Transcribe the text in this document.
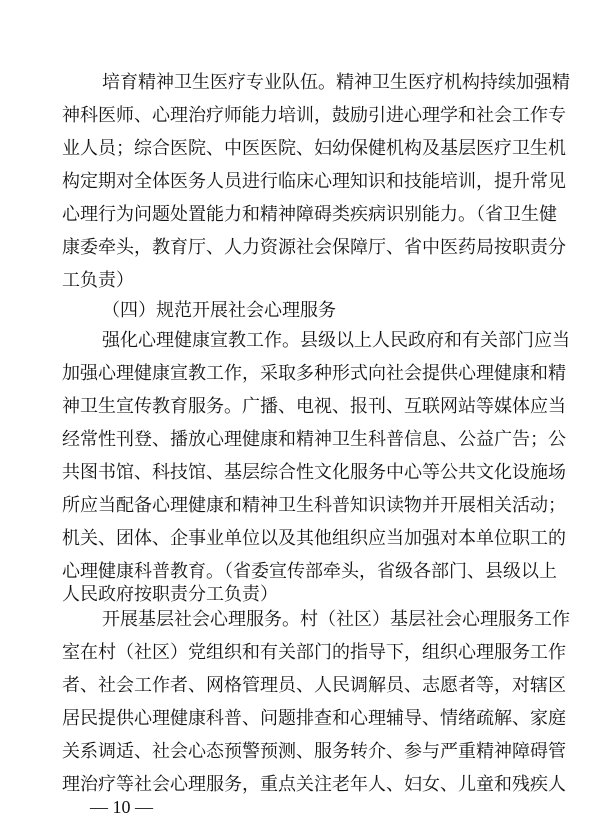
培育精神卫生医疗专业队伍。精神卫生医疗机构持续加强精
神科医师、心理治疗师能力培训，鼓励引进心理学和社会工作专
业人员；综合医院、中医医院、妇幼保健机构及基层医疗卫生机
构定期对全体医务人员进行临床心理知识和技能培训，提升常见
心理行为问题处置能力和精神障碍类疾病识别能力。（省卫生健
康委牵头，教育厅、人力资源社会保障厅、省中医药局按职责分
工负责）
（四）规范开展社会心理服务
强化心理健康宣教工作。县级以上人民政府和有关部门应当
加强心理健康宣教工作，采取多种形式向社会提供心理健康和精
神卫生宣传教育服务。广播、电视、报刊、互联网站等媒体应当
经常性刊登、播放心理健康和精神卫生科普信息、公益广告；公
共图书馆、科技馆、基层综合性文化服务中心等公共文化设施场
所应当配备心理健康和精神卫生科普知识读物并开展相关活动；
机关、团体、企事业单位以及其他组织应当加强对本单位职工的
心理健康科普教育。（省委宣传部牵头，省级各部门、县级以上
人民政府按职责分工负责）
开展基层社会心理服务。村（社区）基层社会心理服务工作
室在村（社区）党组织和有关部门的指导下，组织心理服务工作
者、社会工作者、网格管理员、人民调解员、志愿者等，对辖区
居民提供心理健康科普、问题排查和心理辅导、情绪疏解、家庭
关系调适、社会心态预警预测、服务转介、参与严重精神障碍管
— 10 —
理治疗等社会心理服务，重点关注老年人、妇女、儿童和残疾人
